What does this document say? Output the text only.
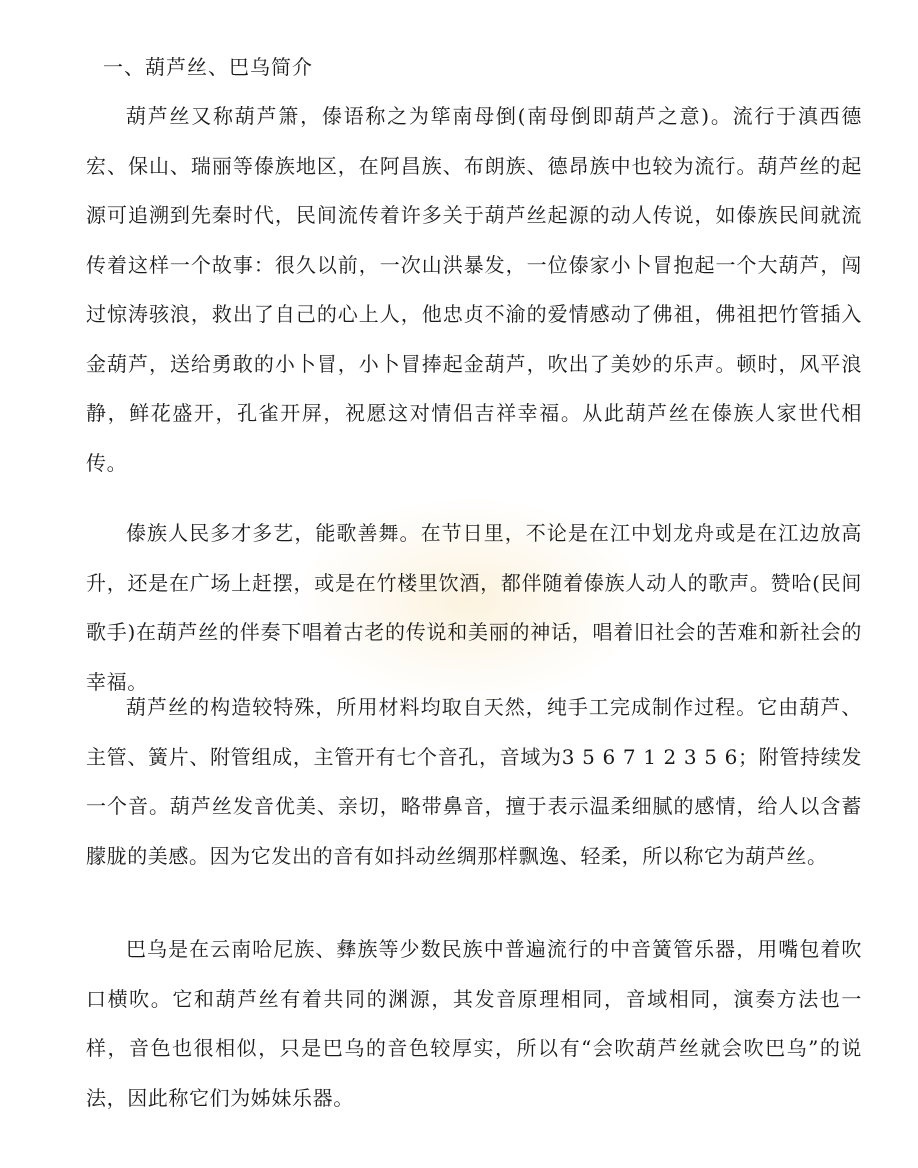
一、葫芦丝、巴乌简介

葫芦丝又称葫芦箫，傣语称之为筚南母倒(南母倒即葫芦之意)。流行于滇西德宏、保山、瑞丽等傣族地区，在阿昌族、布朗族、德昂族中也较为流行。葫芦丝的起源可追溯到先秦时代，民间流传着许多关于葫芦丝起源的动人传说，如傣族民间就流传着这样一个故事：很久以前，一次山洪暴发，一位傣家小卜冒抱起一个大葫芦，闯过惊涛骇浪，救出了自己的心上人，他忠贞不渝的爱情感动了佛祖，佛祖把竹管插入金葫芦，送给勇敢的小卜冒，小卜冒捧起金葫芦，吹出了美妙的乐声。顿时，风平浪静，鲜花盛开，孔雀开屏，祝愿这对情侣吉祥幸福。从此葫芦丝在傣族人家世代相传。

傣族人民多才多艺，能歌善舞。在节日里，不论是在江中划龙舟或是在江边放高升，还是在广场上赶摆，或是在竹楼里饮酒，都伴随着傣族人动人的歌声。赞哈(民间歌手)在葫芦丝的伴奏下唱着古老的传说和美丽的神话，唱着旧社会的苦难和新社会的幸福。

葫芦丝的构造较特殊，所用材料均取自天然，纯手工完成制作过程。它由葫芦、主管、簧片、附管组成，主管开有七个音孔，音域为3 5 6 7 1 2 3 5 6；附管持续发一个音。葫芦丝发音优美、亲切，略带鼻音，擅于表示温柔细腻的感情，给人以含蓄朦胧的美感。因为它发出的音有如抖动丝绸那样飘逸、轻柔，所以称它为葫芦丝。

巴乌是在云南哈尼族、彝族等少数民族中普遍流行的中音簧管乐器，用嘴包着吹口横吹。它和葫芦丝有着共同的渊源，其发音原理相同，音域相同，演奏方法也一样，音色也很相似，只是巴乌的音色较厚实，所以有“会吹葫芦丝就会吹巴乌”的说法，因此称它们为姊妹乐器。
